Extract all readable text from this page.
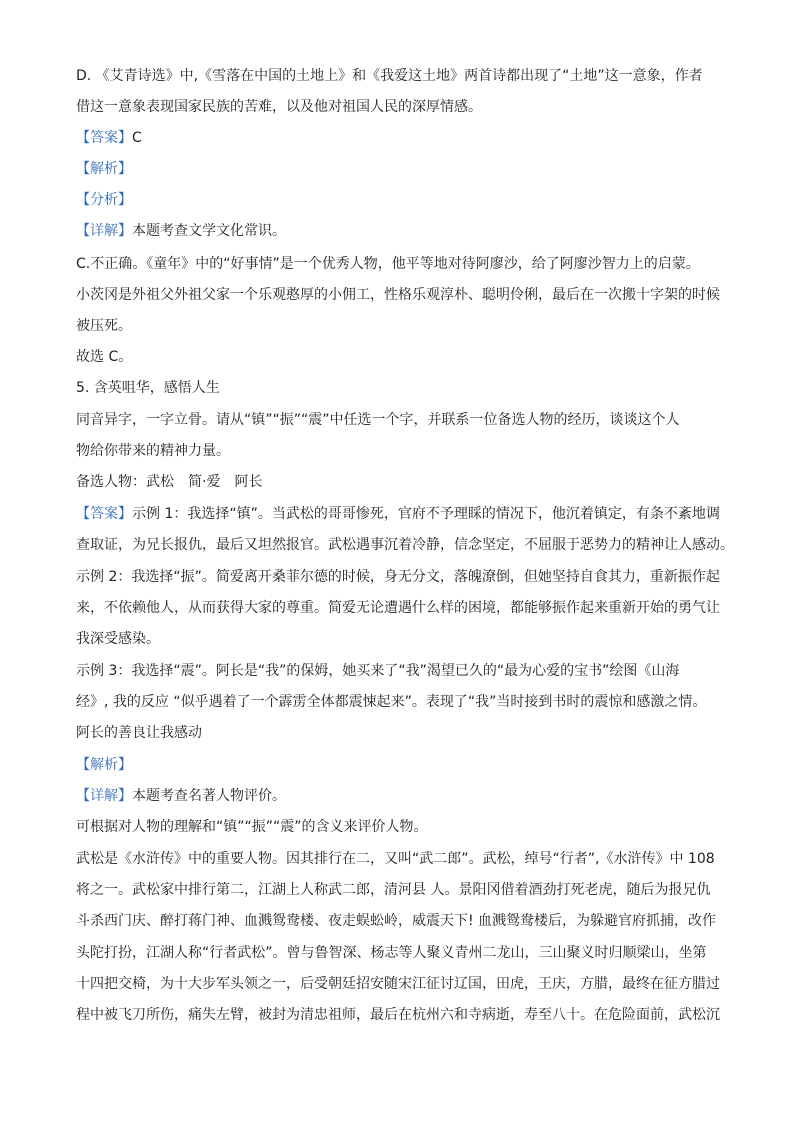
D. 《艾青诗选》中,《雪落在中国的土地上》和《我爱这土地》两首诗都出现了“土地”这一意象，作者
借这一意象表现国家民族的苦难，以及他对祖国人民的深厚情感。
【答案】C
【解析】
【分析】
【详解】本题考查文学文化常识。
C.不正确。《童年》中的“好事情”是一个优秀人物，他平等地对待阿廖沙，给了阿廖沙智力上的启蒙。
小茨冈是外祖父外祖父家一个乐观憨厚的小佣工，性格乐观淳朴、聪明伶俐，最后在一次搬十字架的时候
被压死。
故选 C。
5. 含英咀华，感悟人生
同音异字，一字立骨。请从“镇”“振”“震”中任选一个字，并联系一位备选人物的经历，谈谈这个人
物给你带来的精神力量。
备选人物：武松　简·爱　阿长
【答案】示例 1：我选择“镇”。当武松的哥哥惨死，官府不予理睬的情况下，他沉着镇定，有条不紊地调
查取证，为兄长报仇，最后又坦然报官。武松遇事沉着冷静，信念坚定，不屈服于恶势力的精神让人感动。
示例 2：我选择“振”。简爱离开桑菲尔德的时候，身无分文，落魄潦倒，但她坚持自食其力，重新振作起
来，不依赖他人，从而获得大家的尊重。简爱无论遭遇什么样的困境，都能够振作起来重新开始的勇气让
我深受感染。
示例 3：我选择“震”。阿长是“我”的保姆，她买来了“我”渴望已久的“最为心爱的宝书”绘图《山海
经》, 我的反应 “似乎遇着了一个霹雳全体都震悚起来”。表现了“我”当时接到书时的震惊和感激之情。
阿长的善良让我感动
【解析】
【详解】本题考查名著人物评价。
可根据对人物的理解和“镇”“振”“震”的含义来评价人物。
武松是《水浒传》中的重要人物。因其排行在二，又叫“武二郎”。武松，绰号“行者”,《水浒传》中 108
将之一。武松家中排行第二，江湖上人称武二郎，清河县 人。景阳冈借着酒劲打死老虎，随后为报兄仇
斗杀西门庆、醉打蒋门神、血溅鸳鸯楼、夜走蜈蚣岭，威震天下! 血溅鸳鸯楼后，为躲避官府抓捕，改作
头陀打扮，江湖人称“行者武松”。曾与鲁智深、杨志等人聚义青州二龙山，三山聚义时归顺梁山，坐第
十四把交椅，为十大步军头领之一，后受朝廷招安随宋江征讨辽国，田虎，王庆，方腊，最终在征方腊过
程中被飞刀所伤，痛失左臂，被封为清忠祖师，最后在杭州六和寺病逝，寿至八十。在危险面前，武松沉
